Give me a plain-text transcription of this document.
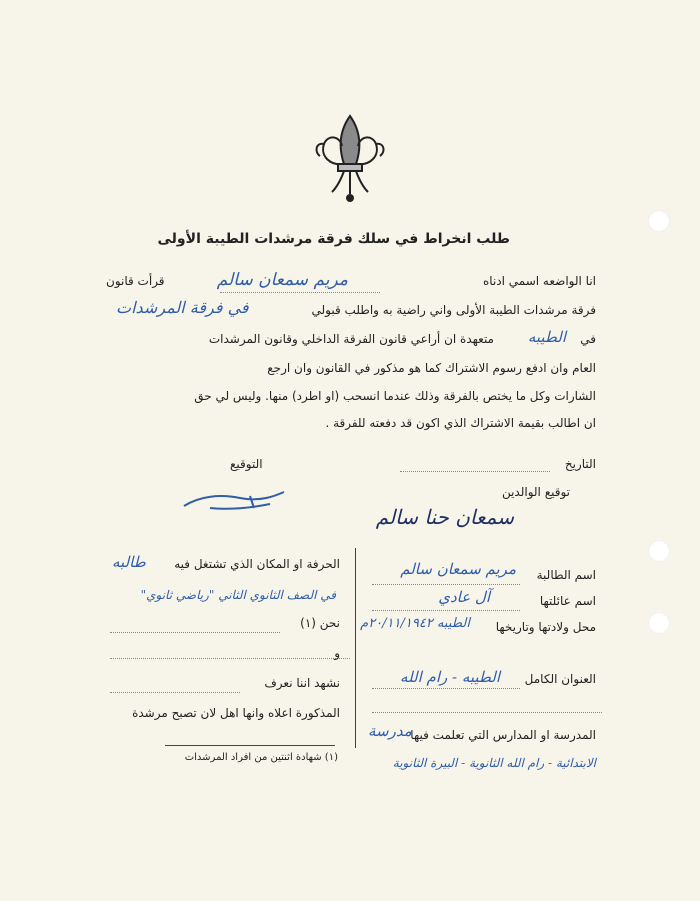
طلب انخراط في سلك فرقة مرشدات الطيبة الأولى
انا الواضعه اسمي ادناه
مريم سمعان سالم
قرأت قانون
فرقة مرشدات الطيبة الأولى واني راضية به واطلب قبولي
في فرقة المرشدات
في
الطيبه
متعهدة ان أراعي قانون الفرقة الداخلي وقانون المرشدات
العام وان ادفع رسوم الاشتراك كما هو مذكور في القانون وان ارجع
الشارات وكل ما يختص بالفرقة وذلك عندما انسحب (او اطرد) منها. وليس لي حق
ان اطالب بقيمة الاشتراك الذي اكون قد دفعته للفرقة .
التاريخ
التوقيع
توقيع الوالدين
سمعان حنا سالم
اسم الطالبة
مريم سمعان سالم
اسم عائلتها
آل عادي
محل ولادتها وتاريخها
الطيبه ٢٠/١١/١٩٤٢م
العنوان الكامل
الطيبه - رام الله
المدرسة او المدارس التي تعلمت فيها
مدرسة
الابتدائية - رام الله الثانوية - البيرة الثانوية
الحرفة او المكان الذي تشتغل فيه
طالبه
في الصف الثانوي الثاني "رياضي ثانوي"
نحن (١)
و
نشهد اننا نعرف
المذكورة اعلاه وانها اهل لان تصبح مرشدة
(١) شهادة اثنتين من افراد المرشدات
